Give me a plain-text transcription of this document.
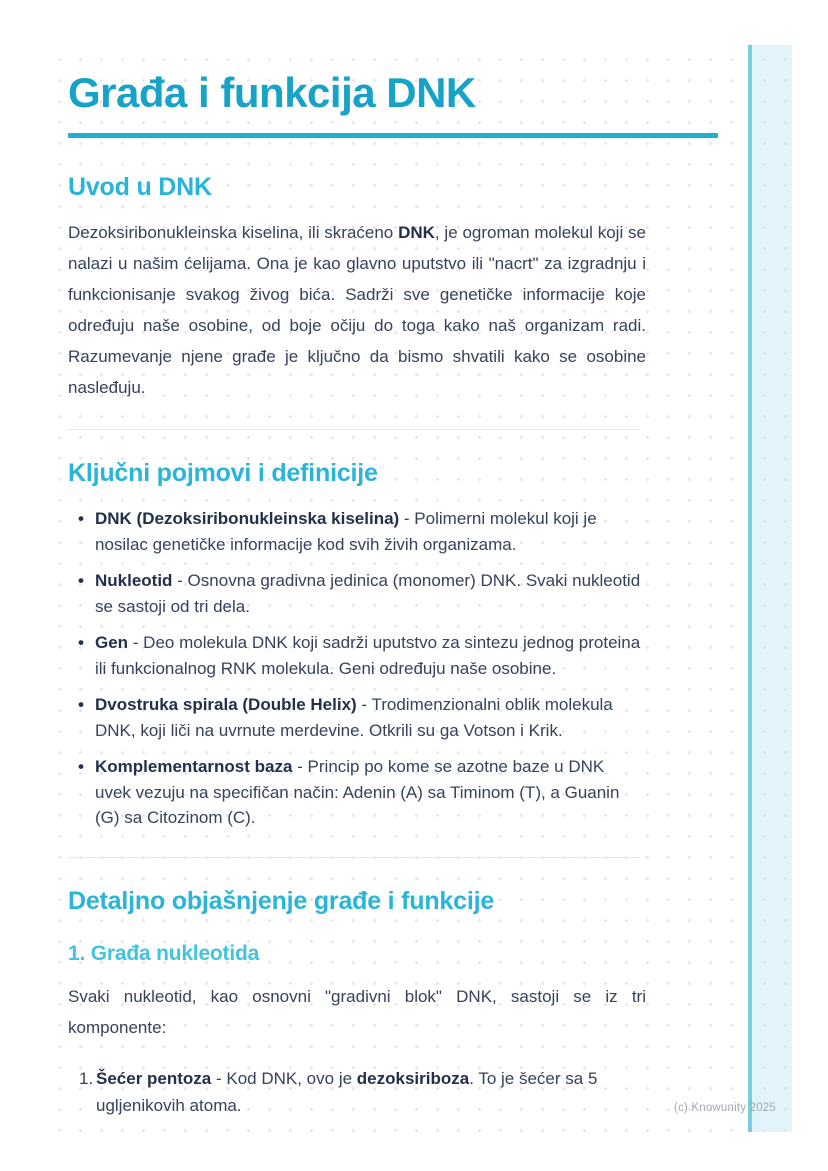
Građa i funkcija DNK
Uvod u DNK

Dezoksiribonukleinska kiselina, ili skraćeno DNK, je ogroman molekul koji se nalazi u našim ćelijama. Ona je kao glavno uputstvo ili "nacrt" za izgradnju i funkcionisanje svakog živog bića. Sadrži sve genetičke informacije koje određuju naše osobine, od boje očiju do toga kako naš organizam radi. Razumevanje njene građe je ključno da bismo shvatili kako se osobine nasleđuju.

Ključni pojmovi i definicije
• DNK (Dezoksiribonukleinska kiselina) - Polimerni molekul koji je nosilac genetičke informacije kod svih živih organizama.
• Nukleotid - Osnovna gradivna jedinica (monomer) DNK. Svaki nukleotid se sastoji od tri dela.
• Gen - Deo molekula DNK koji sadrži uputstvo za sintezu jednog proteina ili funkcionalnog RNK molekula. Geni određuju naše osobine.
• Dvostruka spirala (Double Helix) - Trodimenzionalni oblik molekula DNK, koji liči na uvrnute merdevine. Otkrili su ga Votson i Krik.
• Komplementarnost baza - Princip po kome se azotne baze u DNK uvek vezuju na specifičan način: Adenin (A) sa Timinom (T), a Guanin (G) sa Citozinom (C).
Detaljno objašnjenje građe i funkcije
1. Građa nukleotida

Svaki nukleotid, kao osnovni "gradivni blok" DNK, sastoji se iz tri komponente:

1. Šećer pentoza - Kod DNK, ovo je dezoksiriboza. To je šećer sa 5 ugljenikovih atoma.	(c) Knowunity 2025
